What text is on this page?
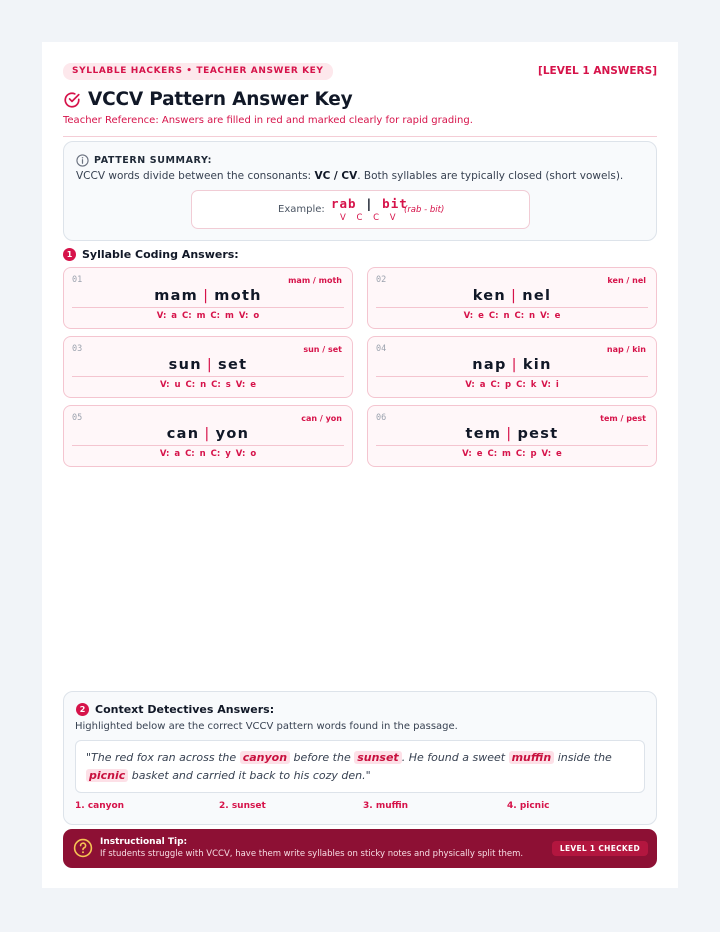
SYLLABLE HACKERS • TEACHER ANSWER KEY	[LEVEL 1 ANSWERS]
VCCV Pattern Answer Key
Teacher Reference: Answers are filled in red and marked clearly for rapid grading.
PATTERN SUMMARY:
VCCV words divide between the consonants: VC / CV. Both syllables are typically closed (short vowels).
Example: rab | bit
V C C V
(rab - bit)
1 Syllable Coding Answers:
01	mam / moth
mam | moth
V: a C: m C: m V: o
02	ken / nel
ken | nel
V: e C: n C: n V: e
03	sun / set
sun | set
V: u C: n C: s V: e
04	nap / kin
nap | kin
V: a C: p C: k V: i
05	can / yon
can | yon
V: a C: n C: y V: o
06	tem / pest
tem | pest
V: e C: m C: p V: e
2 Context Detectives Answers:
Highlighted below are the correct VCCV pattern words found in the passage.
"The red fox ran across the canyon before the sunset . He found a sweet muffin inside the picnic basket and carried it back to his cozy den."
1. canyon	2. sunset	3. muffin	4. picnic
Instructional Tip:
If students struggle with VCCV, have them write syllables on sticky notes and physically split them.
LEVEL 1 CHECKED
